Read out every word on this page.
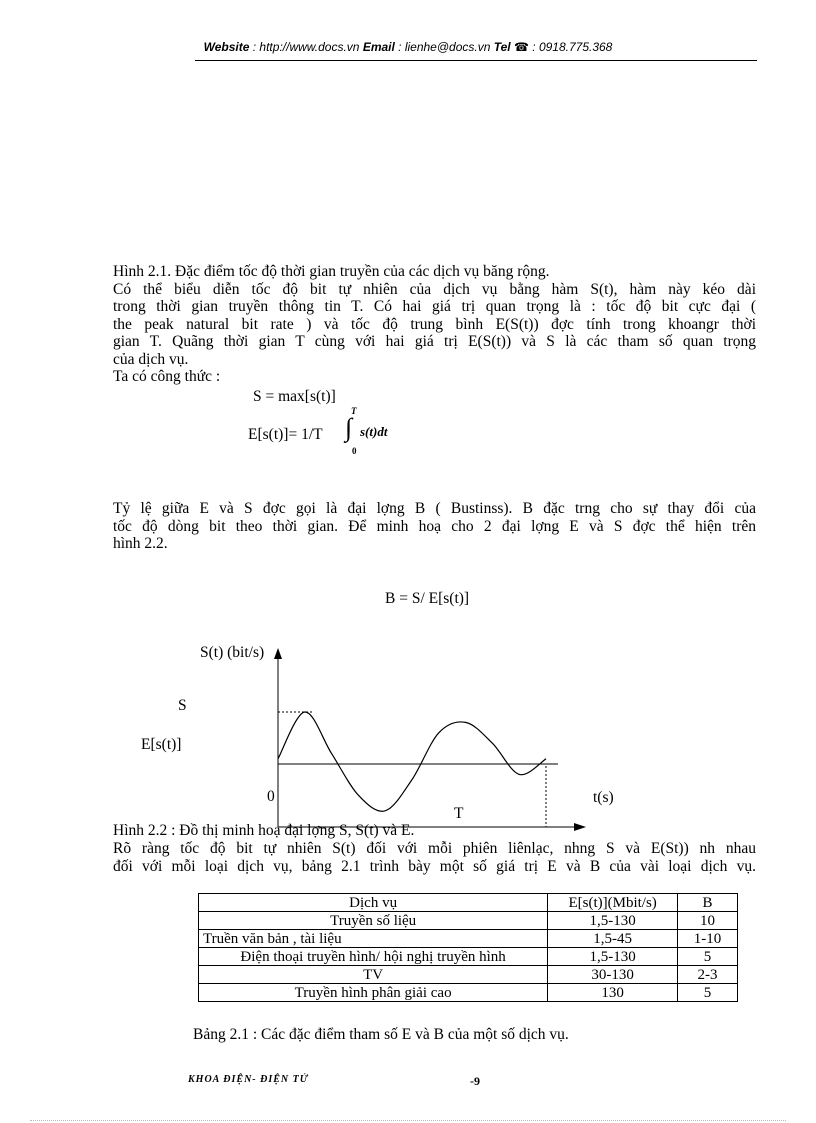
Website : http://www.docs.vn Email : lienhe@docs.vn Tel ☎ : 0918.775.368
Hình 2.1. Đặc điểm tốc độ thời gian truyền của các dịch vụ băng rộng.
Có thể biểu diễn tốc độ bit tự nhiên của dịch vụ bằng hàm S(t), hàm này kéo dài
trong thời gian truyền thông tin T. Có hai giá trị quan trọng là : tốc độ bit cực đại (
the peak natural bit rate ) và tốc độ trung bình E(S(t)) đợc tính trong khoangr thời
gian T. Quãng thời gian T cùng với hai giá trị E(S(t)) và S là các tham số quan trọng
của dịch vụ.
Ta có công thức :
S = max[s(t)]
E[s(t)]= 1/T
T
∫
0
s(t)dt
Tỷ lệ giữa E và S đợc gọi là đại lợng B ( Bustinss). B đặc trng cho sự thay đổi của
tốc độ dòng bit theo thời gian. Để minh hoạ cho 2 đại lợng E và S đợc thể hiện trên
hình 2.2.
B = S/ E[s(t)]
S(t) (bit/s)
S
E[s(t)]
0	t(s)
T
Hình 2.2 : Đồ thị minh hoạ đại lợng S, S(t) và E.
Rõ ràng tốc độ bit tự nhiên S(t) đối với mỗi phiên liênlạc, nhng S và E(St)) nh nhau
đối với mỗi loại dịch vụ, bảng 2.1 trình bày một số giá trị E và B của vài loại dịch vụ.
Dịch vụ	E[s(t)](Mbit/s)	B
Truyền số liệu	1,5-130	10
Truền văn bản , tài liệu	1,5-45	1-10
Điện thoại truyền hình/ hội nghị truyền hình	1,5-130	5
TV	30-130	2-3
Truyền hình phân giải cao	130	5
Bảng 2.1 : Các đặc điểm tham số E và B của một số dịch vụ.
KHOA ĐIỆN- ĐIỆN TỬ	-9
